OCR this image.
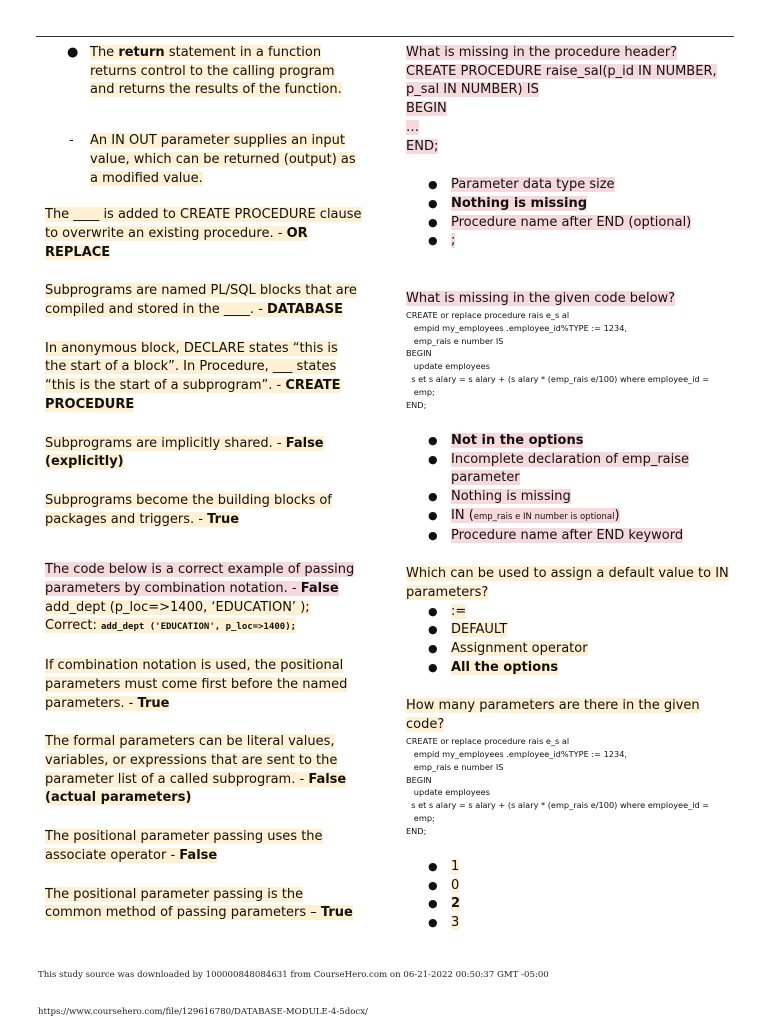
● The return statement in a function returns control to the calling program and returns the results of the function.
- An IN OUT parameter supplies an input value, which can be returned (output) as a modified value.

The ____ is added to CREATE PROCEDURE clause to overwrite an existing procedure. - OR REPLACE

Subprograms are named PL/SQL blocks that are compiled and stored in the ____. - DATABASE

In anonymous block, DECLARE states “this is the start of a block”. In Procedure, ___ states “this is the start of a subprogram”. - CREATE PROCEDURE

Subprograms are implicitly shared. - False (explicitly)

Subprograms become the building blocks of packages and triggers. - True

The code below is a correct example of passing parameters by combination notation. - False
add_dept (p_loc=>1400, ‘EDUCATION’ );
Correct: add_dept ('EDUCATION', p_loc=>1400);

If combination notation is used, the positional parameters must come first before the named parameters. - True

The formal parameters can be literal values, variables, or expressions that are sent to the parameter list of a called subprogram. - False (actual parameters)

The positional parameter passing uses the associate operator - False

The positional parameter passing is the common method of passing parameters – True

What is missing in the procedure header?
CREATE PROCEDURE raise_sal(p_id IN NUMBER, p_sal IN NUMBER) IS
BEGIN
…
END;

● Parameter data type size
● Nothing is missing
● Procedure name after END (optional)
● ;

What is missing in the given code below?

CREATE or replace procedure rais e_s al
empid my_employees .employee_id%TYPE := 1234,
emp_rais e number IS
BEGIN
update employees
s et s alary = s alary + (s alary * (emp_rais e/100) where employee_id =
emp;
END;
● Not in the options
● Incomplete declaration of emp_raise parameter
● Nothing is missing
● IN (emp_rais e IN number is optional)
● Procedure name after END keyword

Which can be used to assign a default value to IN parameters?

● :=
● DEFAULT
● Assignment operator
● All the options

How many parameters are there in the given code?

CREATE or replace procedure rais e_s al
empid my_employees .employee_id%TYPE := 1234,
emp_rais e number IS
BEGIN
update employees
s et s alary = s alary + (s alary * (emp_rais e/100) where employee_id =
emp;
END;
● 1
● 0
● 2
● 3
This study source was downloaded by 100000848084631 from CourseHero.com on 06-21-2022 00:50:37 GMT -05:00
https://www.coursehero.com/file/129616780/DATABASE-MODULE-4-5docx/
